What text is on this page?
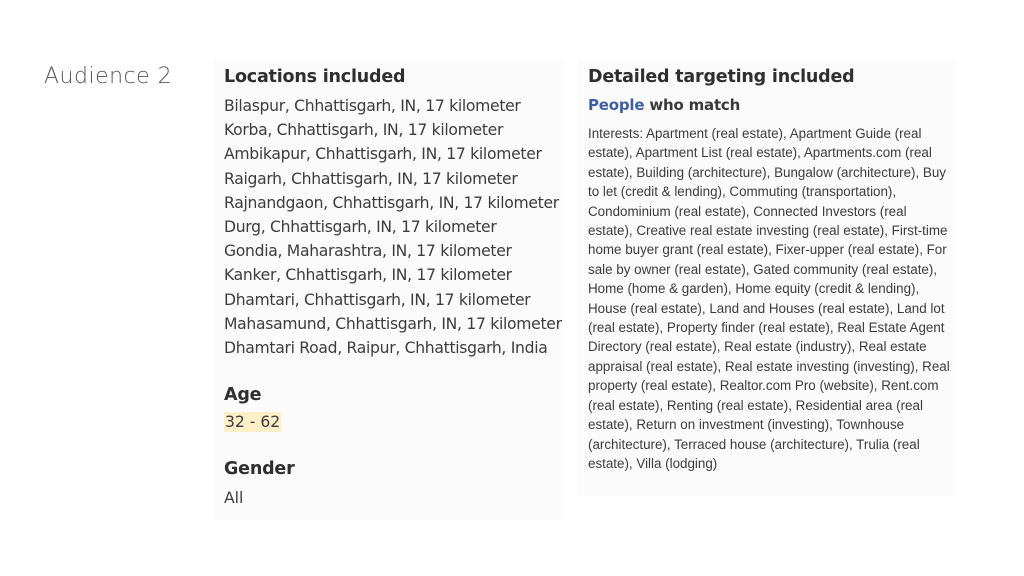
Audience 2	Locations included
Bilaspur, Chhattisgarh, IN, 17 kilometer
Korba, Chhattisgarh, IN, 17 kilometer
Ambikapur, Chhattisgarh, IN, 17 kilometer
Raigarh, Chhattisgarh, IN, 17 kilometer
Rajnandgaon, Chhattisgarh, IN, 17 kilometer
Durg, Chhattisgarh, IN, 17 kilometer
Gondia, Maharashtra, IN, 17 kilometer
Kanker, Chhattisgarh, IN, 17 kilometer
Dhamtari, Chhattisgarh, IN, 17 kilometer
Mahasamund, Chhattisgarh, IN, 17 kilometer
Dhamtari Road, Raipur, Chhattisgarh, India
Age
32 - 62
Gender
All
Detailed targeting included
People who match
Interests: Apartment (real estate), Apartment Guide (real estate), Apartment List (real estate), Apartments.com (real estate), Building (architecture), Bungalow (architecture), Buy to let (credit & lending), Commuting (transportation), Condominium (real estate), Connected Investors (real estate), Creative real estate investing (real estate), First-time home buyer grant (real estate), Fixer-upper (real estate), For sale by owner (real estate), Gated community (real estate), Home (home & garden), Home equity (credit & lending), House (real estate), Land and Houses (real estate), Land lot (real estate), Property finder (real estate), Real Estate Agent Directory (real estate), Real estate (industry), Real estate appraisal (real estate), Real estate investing (investing), Real property (real estate), Realtor.com Pro (website), Rent.com (real estate), Renting (real estate), Residential area (real estate), Return on investment (investing), Townhouse (architecture), Terraced house (architecture), Trulia (real estate), Villa (lodging)
